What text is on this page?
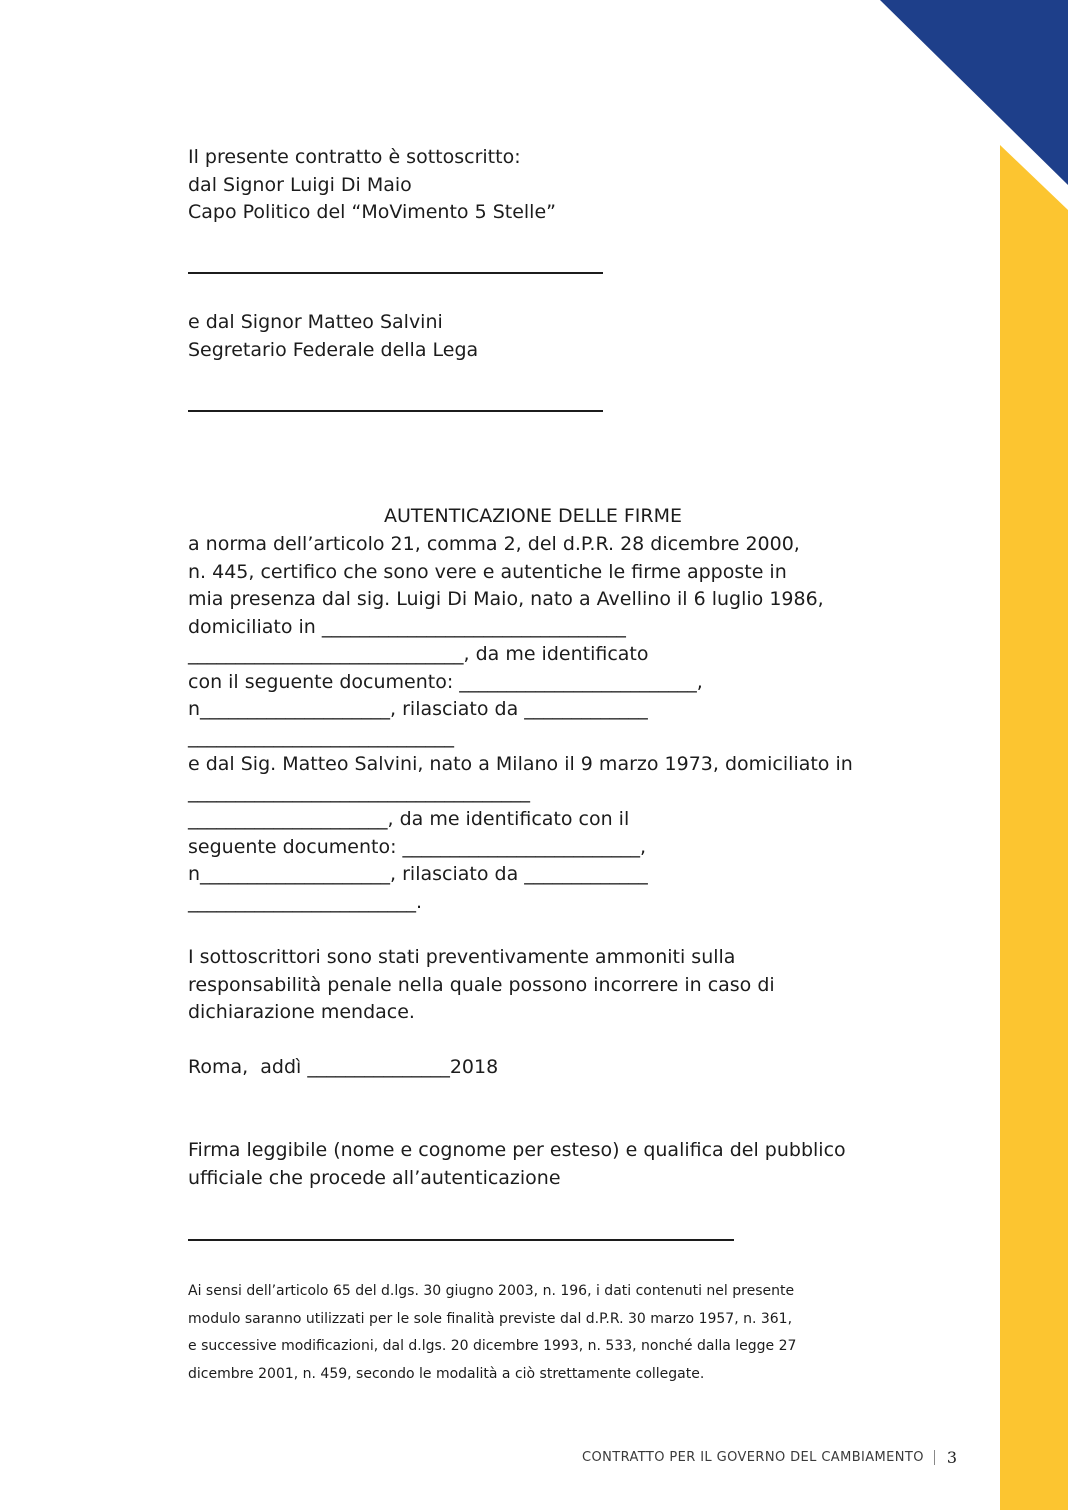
Il presente contratto è sottoscritto:

dal Signor Luigi Di Maio

Capo Politico del “MoVimento 5 Stelle”

e dal Signor Matteo Salvini

Segretario Federale della Lega

AUTENTICAZIONE DELLE FIRME

a norma dell’articolo 21, comma 2, del d.P.R. 28 dicembre 2000,

n. 445, certifico che sono vere e autentiche le firme apposte in

mia presenza dal sig. Luigi Di Maio, nato a Avellino il 6 luglio 1986,

domiciliato in ________________________________

_____________________________, da me identificato

con il seguente documento: _________________________,

n____________________, rilasciato da _____________

____________________________

e dal Sig. Matteo Salvini, nato a Milano il 9 marzo 1973, domiciliato in

____________________________________

_____________________, da me identificato con il

seguente documento: _________________________,

n____________________, rilasciato da _____________

________________________.

I sottoscrittori sono stati preventivamente ammoniti sulla

responsabilità penale nella quale possono incorrere in caso di

dichiarazione mendace.

Roma,  addì _______________2018

Firma leggibile (nome e cognome per esteso) e qualifica del pubblico

ufficiale che procede all’autenticazione

Ai sensi dell’articolo 65 del d.lgs. 30 giugno 2003, n. 196, i dati contenuti nel presente

modulo saranno utilizzati per le sole finalità previste dal d.P.R. 30 marzo 1957, n. 361,

e successive modificazioni, dal d.lgs. 20 dicembre 1993, n. 533, nonché dalla legge 27

dicembre 2001, n. 459, secondo le modalità a ciò strettamente collegate.

CONTRATTO PER IL GOVERNO DEL CAMBIAMENTO 3
